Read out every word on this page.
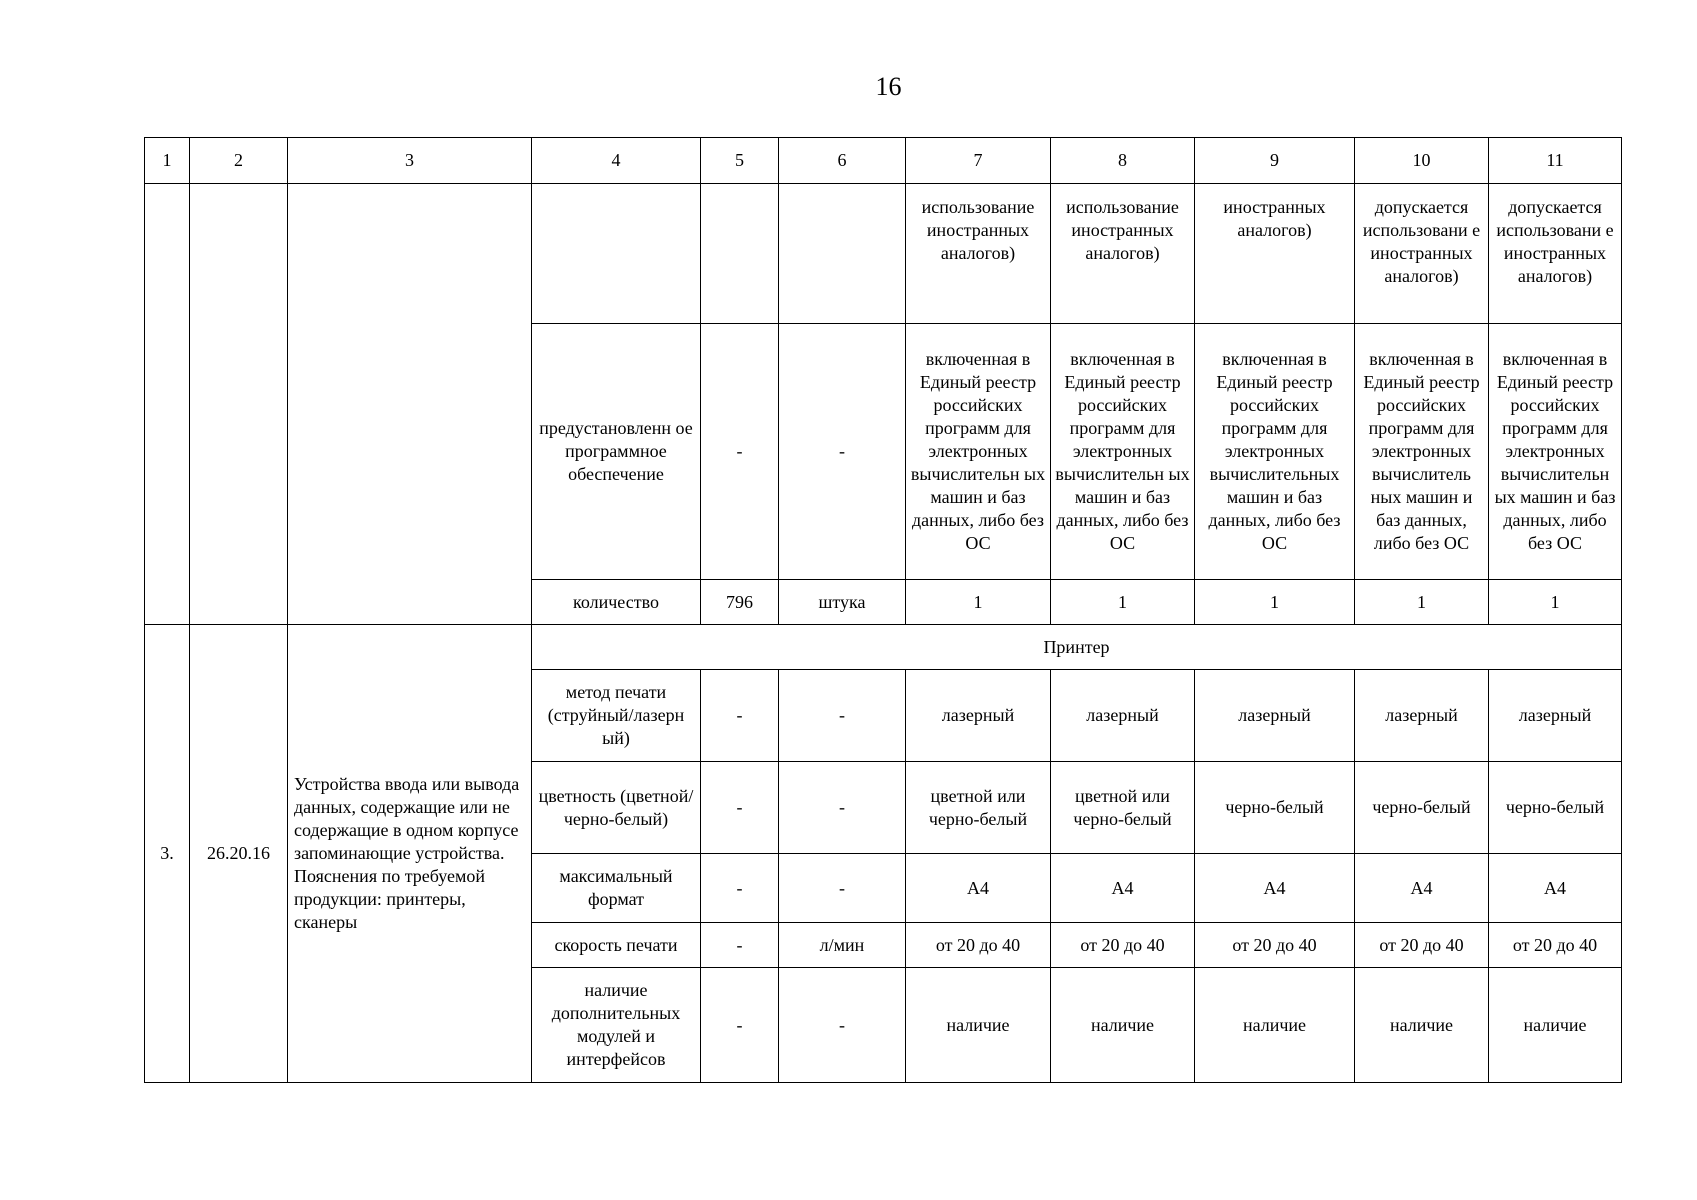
16
1	2	3	4	5	6	7	8	9	10	11
						использование иностранных аналогов)	использование иностранных аналогов)	иностранных аналогов)	допускается использовани е иностранных аналогов)	допускается использовани е иностранных аналогов)
			предустановленн ое программное обеспечение	-	-	включенная в Единый реестр российских программ для электронных вычислительн ых машин и баз данных, либо без ОС	включенная в Единый реестр российских программ для электронных вычислительн ых машин и баз данных, либо без ОС	включенная в Единый реестр российских программ для электронных вычислительных машин и баз данных, либо без ОС	включенная в Единый реестр российских программ для электронных вычислитель ных машин и баз данных, либо без ОС	включенная в Единый реестр российских программ для электронных вычислительн ых машин и баз данных, либо без ОС
			количество	796	штука	1	1	1	1	1
3.	26.20.16	Устройства ввода или вывода данных, содержащие или не содержащие в одном корпусе запоминающие устройства. Пояснения по требуемой продукции: принтеры, сканеры	Принтер							
			метод печати (струйный/лазерн ый)	-	-	лазерный	лазерный	лазерный	лазерный	лазерный
			цветность (цветной/черно-белый)	-	-	цветной или черно-белый	цветной или черно-белый	черно-белый	черно-белый	черно-белый
			максимальный формат	-	-	А4	А4	А4	А4	А4
			скорость печати	-	л/мин	от 20 до 40	от 20 до 40	от 20 до 40	от 20 до 40	от 20 до 40
			наличие дополнительных модулей и интерфейсов	-	-	наличие	наличие	наличие	наличие	наличие
